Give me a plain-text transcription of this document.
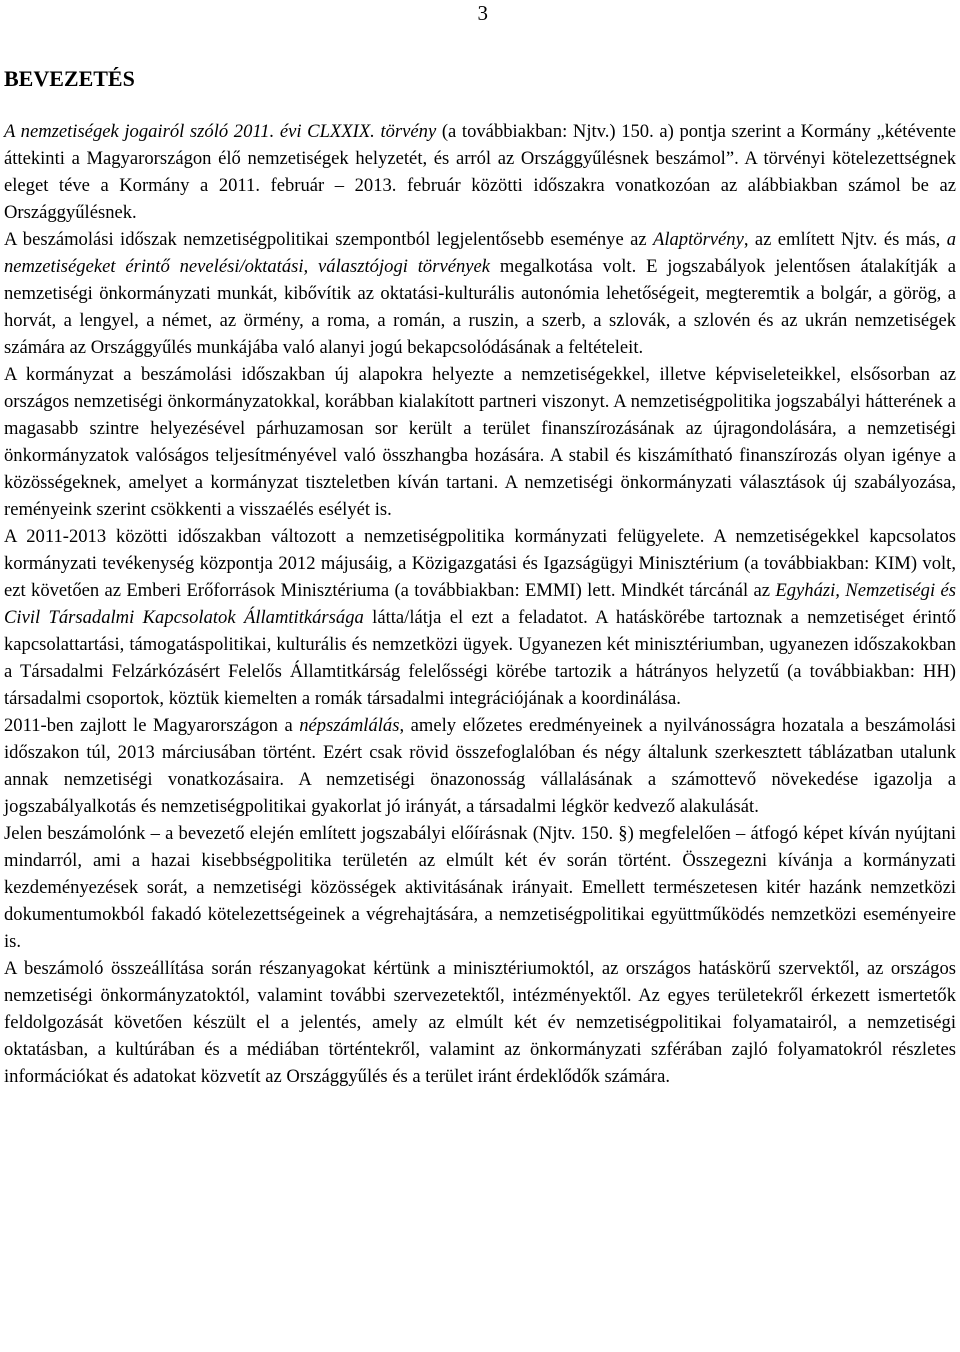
3
BEVEZETÉS

A nemzetiségek jogairól szóló 2011. évi CLXXIX. törvény (a továbbiakban: Njtv.) 150. a) pontja szerint a Kormány „kétévente áttekinti a Magyarországon élő nemzetiségek helyzetét, és arról az Országgyűlésnek beszámol”. A törvényi kötelezettségnek eleget téve a Kormány a 2011. február – 2013. február közötti időszakra vonatkozóan az alábbiakban számol be az Országgyűlésnek.

A beszámolási időszak nemzetiségpolitikai szempontból legjelentősebb eseménye az Alaptörvény, az említett Njtv. és más, a nemzetiségeket érintő nevelési/oktatási, választójogi törvények megalkotása volt. E jogszabályok jelentősen átalakítják a nemzetiségi önkormányzati munkát, kibővítik az oktatási-kulturális autonómia lehetőségeit, megteremtik a bolgár, a görög, a horvát, a lengyel, a német, az örmény, a roma, a román, a ruszin, a szerb, a szlovák, a szlovén és az ukrán nemzetiségek számára az Országgyűlés munkájába való alanyi jogú bekapcsolódásának a feltételeit.

A kormányzat a beszámolási időszakban új alapokra helyezte a nemzetiségekkel, illetve képviseleteikkel, elsősorban az országos nemzetiségi önkormányzatokkal, korábban kialakított partneri viszonyt. A nemzetiségpolitika jogszabályi hátterének a magasabb szintre helyezésével párhuzamosan sor került a terület finanszírozásának az újragondolására, a nemzetiségi önkormányzatok valóságos teljesítményével való összhangba hozására. A stabil és kiszámítható finanszírozás olyan igénye a közösségeknek, amelyet a kormányzat tiszteletben kíván tartani. A nemzetiségi önkormányzati választások új szabályozása, reményeink szerint csökkenti a visszaélés esélyét is.

A 2011-2013 közötti időszakban változott a nemzetiségpolitika kormányzati felügyelete. A nemzetiségekkel kapcsolatos kormányzati tevékenység központja 2012 májusáig, a Közigazgatási és Igazságügyi Minisztérium (a továbbiakban: KIM) volt, ezt követően az Emberi Erőforrások Minisztériuma (a továbbiakban: EMMI) lett. Mindkét tárcánál az Egyházi, Nemzetiségi és Civil Társadalmi Kapcsolatok Államtitkársága látta/látja el ezt a feladatot. A hatáskörébe tartoznak a nemzetiséget érintő kapcsolattartási, támogatáspolitikai, kulturális és nemzetközi ügyek. Ugyanezen két minisztériumban, ugyanezen időszakokban a Társadalmi Felzárkózásért Felelős Államtitkárság felelősségi körébe tartozik a hátrányos helyzetű (a továbbiakban: HH) társadalmi csoportok, köztük kiemelten a romák társadalmi integrációjának a koordinálása.

2011-ben zajlott le Magyarországon a népszámlálás, amely előzetes eredményeinek a nyilvánosságra hozatala a beszámolási időszakon túl, 2013 márciusában történt. Ezért csak rövid összefoglalóban és négy általunk szerkesztett táblázatban utalunk annak nemzetiségi vonatkozásaira. A nemzetiségi önazonosság vállalásának a számottevő növekedése igazolja a jogszabályalkotás és nemzetiségpolitikai gyakorlat jó irányát, a társadalmi légkör kedvező alakulását.

Jelen beszámolónk – a bevezető elején említett jogszabályi előírásnak (Njtv. 150. §) megfelelően – átfogó képet kíván nyújtani mindarról, ami a hazai kisebbségpolitika területén az elmúlt két év során történt. Összegezni kívánja a kormányzati kezdeményezések sorát, a nemzetiségi közösségek aktivitásának irányait. Emellett természetesen kitér hazánk nemzetközi dokumentumokból fakadó kötelezettségeinek a végrehajtására, a nemzetiségpolitikai együttműködés nemzetközi eseményeire is.

A beszámoló összeállítása során részanyagokat kértünk a minisztériumoktól, az országos hatáskörű szervektől, az országos nemzetiségi önkormányzatoktól, valamint további szervezetektől, intézményektől. Az egyes területekről érkezett ismertetők feldolgozását követően készült el a jelentés, amely az elmúlt két év nemzetiségpolitikai folyamatairól, a nemzetiségi oktatásban, a kultúrában és a médiában történtekről, valamint az önkormányzati szférában zajló folyamatokról részletes információkat és adatokat közvetít az Országgyűlés és a terület iránt érdeklődők számára.
